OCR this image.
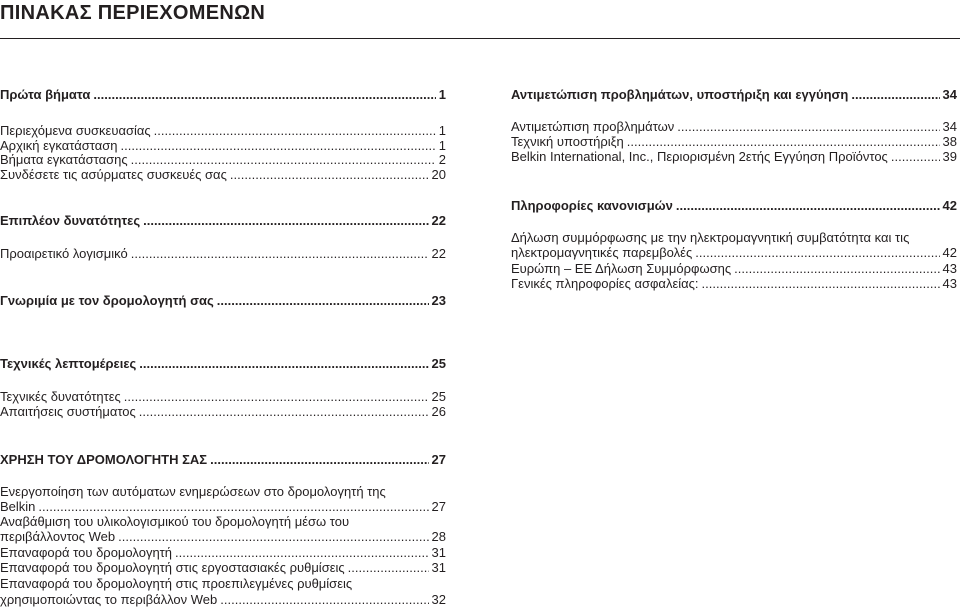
ΠΙΝΑΚΑΣ ΠΕΡΙΕΧΟΜΕΝΩΝ
Πρώτα βήματα . . .	1
Περιεχόμενα συσκευασίας . . .	1
Αρχική εγκατάσταση . . .	1
Βήματα εγκατάστασης . . .	2
Συνδέσετε τις ασύρματες συσκευές σας . . .	20
Επιπλέον δυνατότητες . . .	22
Προαιρετικό λογισμικό . . .	22
Γνωριμία με τον δρομολογητή σας . . .	23
Αντιμετώπιση προβλημάτων, υποστήριξη και εγγύηση . . .	34
Αντιμετώπιση προβλημάτων . . .	34
Τεχνική υποστήριξη . . .	38
Belkin International, Inc., Περιορισμένη 2ετής Εγγύηση Προϊόντος . . .	39
Πληροφορίες κανονισμών . . .	42
Δήλωση συμμόρφωσης με την ηλεκτρομαγνητική συμβατότητα και τις
ηλεκτρομαγνητικές παρεμβολές . . .	42
Ευρώπη – ΕΕ Δήλωση Συμμόρφωσης . . .	43
Γενικές πληροφορίες ασφαλείας: . . .	43
Τεχνικές λεπτομέρειες . . .	25
Τεχνικές δυνατότητες . . .	25
Απαιτήσεις συστήματος . . .	26
ΧΡΗΣΗ ΤΟΥ ΔΡΟΜΟΛΟΓΗΤΗ ΣΑΣ . . .	27
Ενεργοποίηση των αυτόματων ενημερώσεων στο δρομολογητή της
Belkin . . .	27
Αναβάθμιση του υλικολογισμικού του δρομολογητή μέσω του
περιβάλλοντος Web . . .	28
Επαναφορά του δρομολογητή . . .	31
Επαναφορά του δρομολογητή στις εργοστασιακές ρυθμίσεις . . .	31
Επαναφορά του δρομολογητή στις προεπιλεγμένες ρυθμίσεις
χρησιμοποιώντας το περιβάλλον Web . . .	32
